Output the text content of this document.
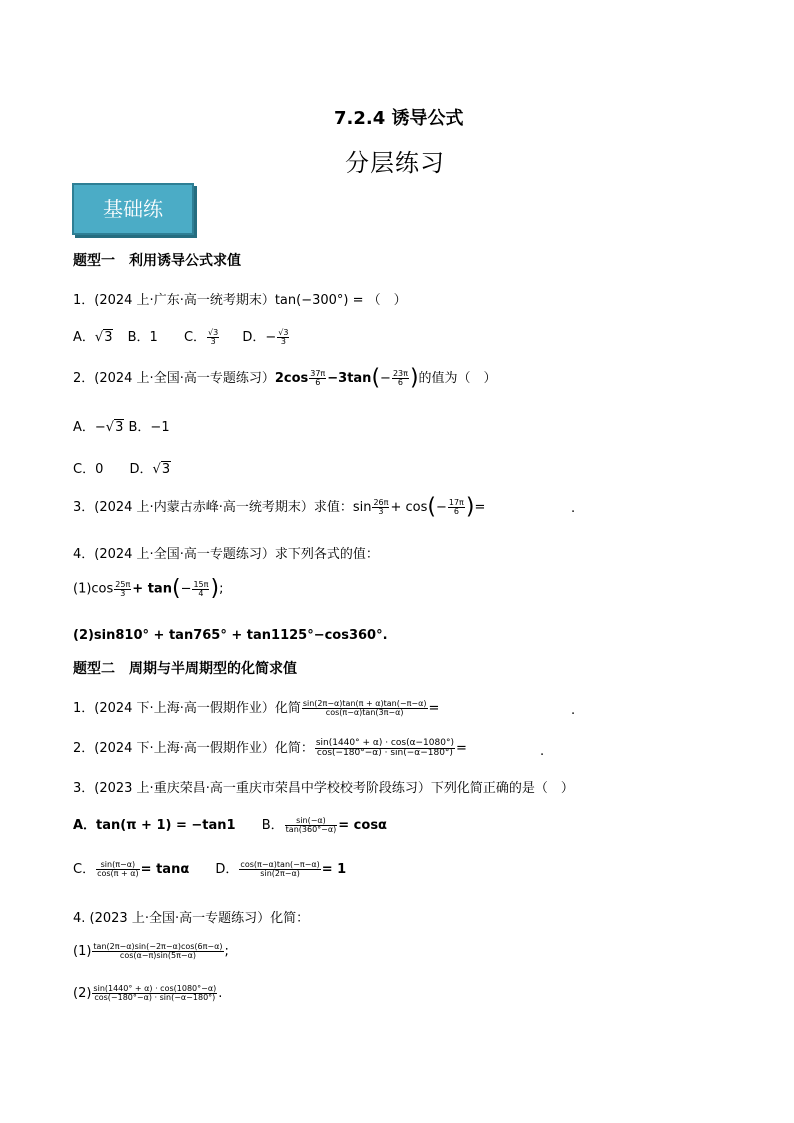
7.2.4 诱导公式
分层练习
基础练
题型一　利用诱导公式求值
1．(2024 上·广东·高一统考期末）tan(−300°) = （　）
A．√3 B．1 C． $\frac{√3}{3}$ D．− $\frac{√3}{3}$
2．(2024 上·全国·高一专题练习）$2\cos \frac{37\pi}{6} -3\tan(- \frac{23\pi}{6}$ )的值为（　）
A．−√3 B．−1
C．0 D．√3
3．(2024 上·内蒙古赤峰·高一统考期末）求值：$\sin \frac{26\pi}{3} + \cos(- \frac{17\pi}{6}$ )=	.
4．(2024 上·全国·高一专题练习）求下列各式的值：
$(1)\cos \frac{25\pi}{3} + \tan(- \frac{15\pi}{4}$ );
(2)sin810° + tan765° + tan1125°−cos360°.
题型二　周期与半周期型的化简求值
1．(2024 下·上海·高一假期作业）化简 $\frac{\sin(2\pi-\alpha)\tan(\pi + \alpha)\tan(-\pi-\alpha)}{\cos(\pi-\alpha)\tan(3\pi-\alpha)}$ =	.
2．(2024 下·上海·高一假期作业）化简： $\frac{\sin(1440^\circ + \alpha) \cdot \cos(\alpha-1080^\circ)}{\cos(-180^\circ-\alpha) \cdot \sin(-\alpha-180^\circ)}$ =	.
3．(2023 上·重庆荣昌·高一重庆市荣昌中学校校考阶段练习）下列化简正确的是（　）
A．tan(π + 1) = −tan1 B． $\frac{\sin(-\alpha)}{\tan(360^\circ-\alpha)} = \cos\alpha$
C． $\frac{\sin(\pi-\alpha)}{\cos(\pi + \alpha)} = \tan\alpha$ D． $\frac{\cos(\pi-\alpha)\tan(-\pi-\alpha)}{\sin(2\pi-\alpha)} = 1$
4. (2023 上·全国·高一专题练习）化简：
$(1) \frac{\tan(2\pi-\alpha)\sin(-2\pi-\alpha)\cos(6\pi-\alpha)}{\cos(\alpha-\pi)\sin(5\pi-\alpha)}$ ;
$(2) \frac{\sin(1440^\circ + \alpha) \cdot \cos(1080^\circ-\alpha)}{\cos(-180^\circ-\alpha) \cdot \sin(-\alpha-180^\circ)}$ .
